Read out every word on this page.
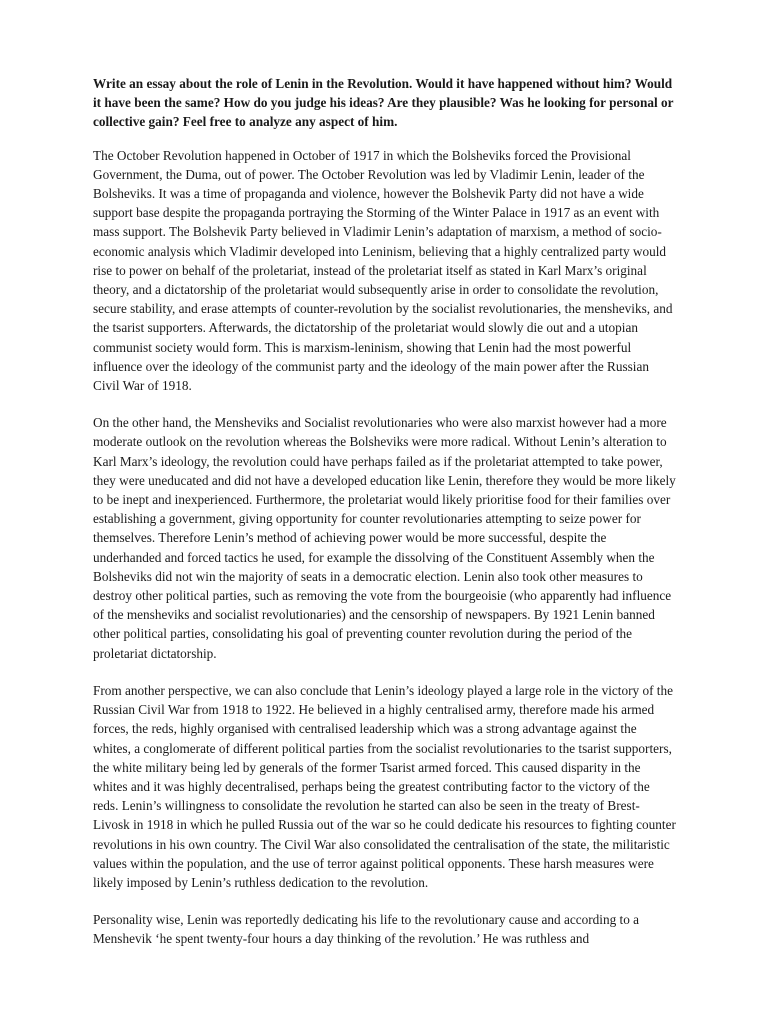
Write an essay about the role of Lenin in the Revolution. Would it have happened without him? Would it have been the same? How do you judge his ideas? Are they plausible? Was he looking for personal or collective gain? Feel free to analyze any aspect of him.

The October Revolution happened in October of 1917 in which the Bolsheviks forced the Provisional Government, the Duma, out of power. The October Revolution was led by Vladimir Lenin, leader of the Bolsheviks. It was a time of propaganda and violence, however the Bolshevik Party did not have a wide support base despite the propaganda portraying the Storming of the Winter Palace in 1917 as an event with mass support. The Bolshevik Party believed in Vladimir Lenin’s adaptation of marxism, a method of socio-economic analysis which Vladimir developed into Leninism, believing that a highly centralized party would rise to power on behalf of the proletariat, instead of the proletariat itself as stated in Karl Marx’s original theory, and a dictatorship of the proletariat would subsequently arise in order to consolidate the revolution, secure stability, and erase attempts of counter-revolution by the socialist revolutionaries, the mensheviks, and the tsarist supporters. Afterwards, the dictatorship of the proletariat would slowly die out and a utopian communist society would form. This is marxism-leninism, showing that Lenin had the most powerful influence over the ideology of the communist party and the ideology of the main power after the Russian Civil War of 1918.

On the other hand, the Mensheviks and Socialist revolutionaries who were also marxist however had a more moderate outlook on the revolution whereas the Bolsheviks were more radical. Without Lenin’s alteration to Karl Marx’s ideology, the revolution could have perhaps failed as if the proletariat attempted to take power, they were uneducated and did not have a developed education like Lenin, therefore they would be more likely to be inept and inexperienced. Furthermore, the proletariat would likely prioritise food for their families over establishing a government, giving opportunity for counter revolutionaries attempting to seize power for themselves. Therefore Lenin’s method of achieving power would be more successful, despite the underhanded and forced tactics he used, for example the dissolving of the Constituent Assembly when the Bolsheviks did not win the majority of seats in a democratic election. Lenin also took other measures to destroy other political parties, such as removing the vote from the bourgeoisie (who apparently had influence of the mensheviks and socialist revolutionaries) and the censorship of newspapers. By 1921 Lenin banned other political parties, consolidating his goal of preventing counter revolution during the period of the proletariat dictatorship.

From another perspective, we can also conclude that Lenin’s ideology played a large role in the victory of the Russian Civil War from 1918 to 1922. He believed in a highly centralised army, therefore made his armed forces, the reds, highly organised with centralised leadership which was a strong advantage against the whites, a conglomerate of different political parties from the socialist revolutionaries to the tsarist supporters, the white military being led by generals of the former Tsarist armed forced. This caused disparity in the whites and it was highly decentralised, perhaps being the greatest contributing factor to the victory of the reds. Lenin’s willingness to consolidate the revolution he started can also be seen in the treaty of Brest-Livosk in 1918 in which he pulled Russia out of the war so he could dedicate his resources to fighting counter revolutions in his own country. The Civil War also consolidated the centralisation of the state, the militaristic values within the population, and the use of terror against political opponents. These harsh measures were likely imposed by Lenin’s ruthless dedication to the revolution.

Personality wise, Lenin was reportedly dedicating his life to the revolutionary cause and according to a Menshevik ‘he spent twenty-four hours a day thinking of the revolution.’ He was ruthless and
